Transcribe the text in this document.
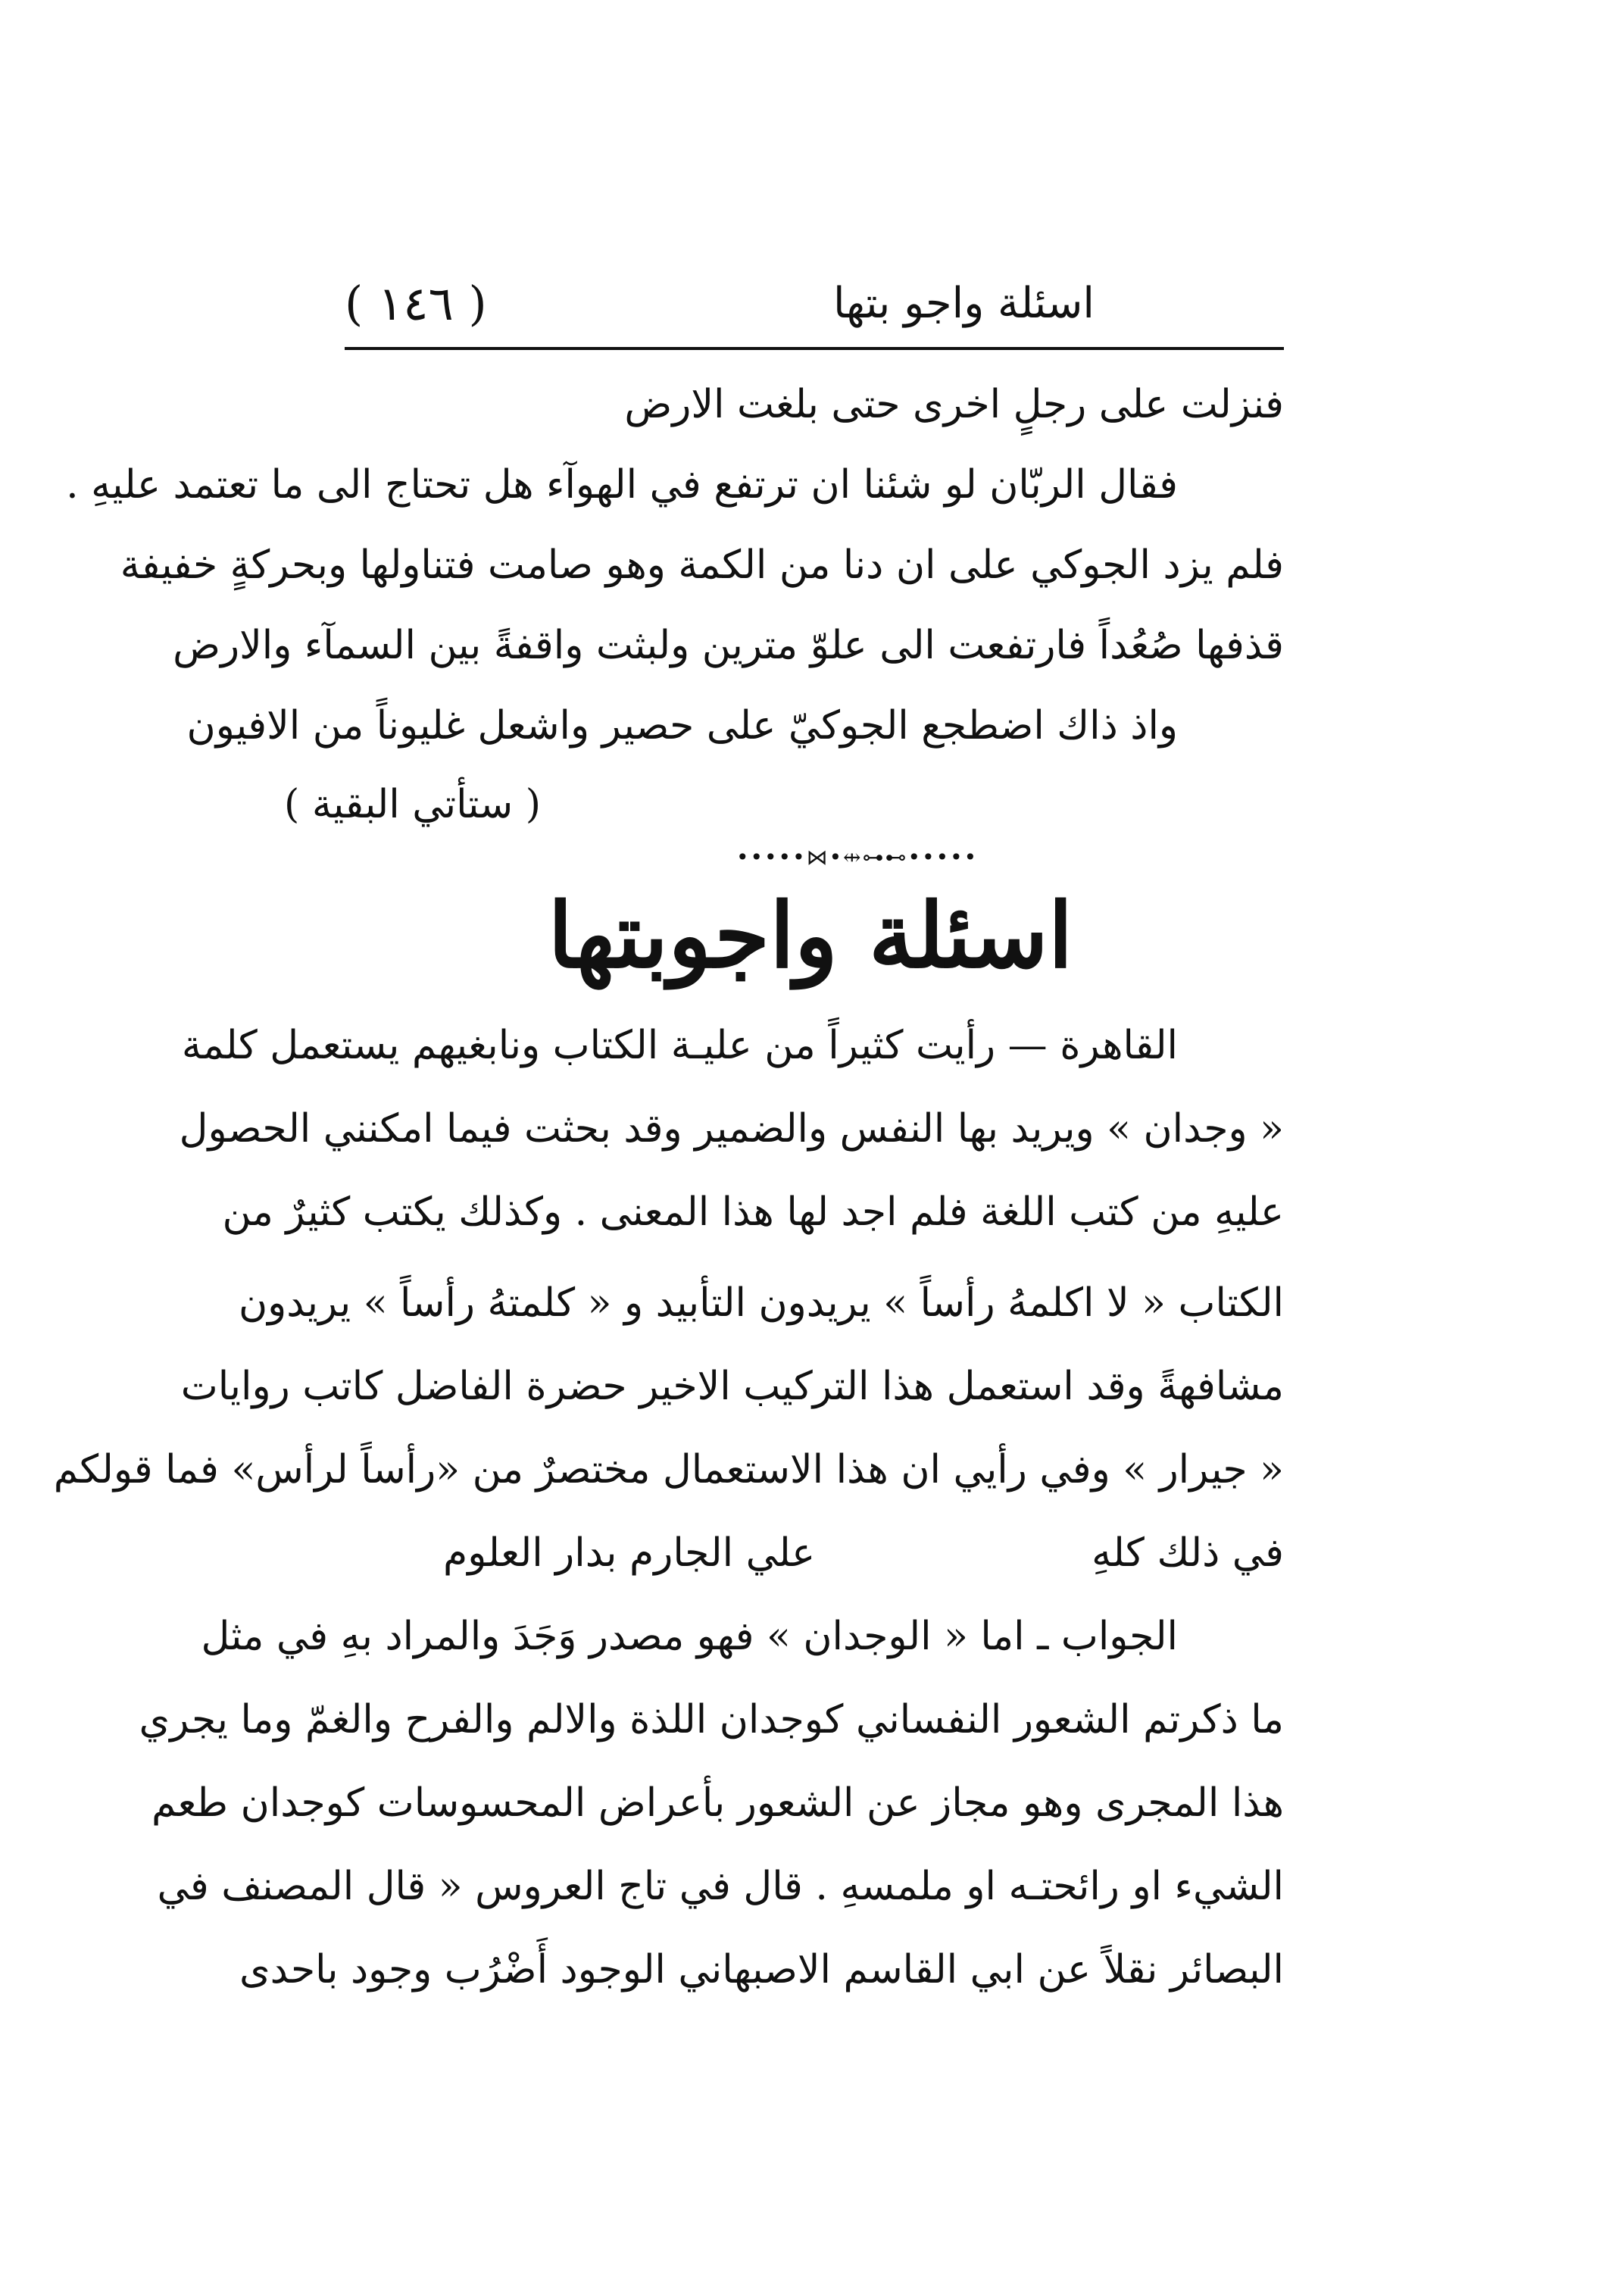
اسئلة واجو بتها
( ١٤٦ )
فنزلت على رجلٍ اخرى حتى بلغت الارض
فقال الربّان لو شئنا ان ترتفع في الهوآء هل تحتاج الى ما تعتمد عليهِ .
فلم يزد الجوكي على ان دنا من الكمة وهو صامت فتناولها وبحركةٍ خفيفة
قذفها صُعُداً فارتفعت الى علوّ مترين ولبثت واقفةً بين السمآء والارض
واذ ذاك اضطجع الجوكيّ على حصير واشعل غليوناً من الافيون
( ستأتي البقية )
•••••⋈•⇹⊶⊷•••••
اسئلة واجوبتها
القاهرة — رأيت كثيراً من عليـة الكتاب ونابغيهم يستعمل كلمة
« وجدان » ويريد بها النفس والضمير وقد بحثت فيما امكنني الحصول
عليهِ من كتب اللغة فلم اجد لها هذا المعنى . وكذلك يكتب كثيرٌ من
الكتاب « لا اكلمهُ رأساً » يريدون التأبيد و « كلمتهُ رأساً » يريدون
مشافهةً وقد استعمل هذا التركيب الاخير حضرة الفاضل كاتب روايات
« جيرار » وفي رأيي ان هذا الاستعمال مختصرٌ من «رأساً لرأس» فما قولكم
في ذلك كلهِ
علي الجارم بدار العلوم
الجواب ـ اما « الوجدان » فهو مصدر وَجَدَ والمراد بهِ في مثل
ما ذكرتم الشعور النفساني كوجدان اللذة والالم والفرح والغمّ وما يجري
هذا المجرى وهو مجاز عن الشعور بأعراض المحسوسات كوجدان طعم
الشيء او رائحتـه او ملمسهِ . قال في تاج العروس « قال المصنف في
البصائر نقلاً عن ابي القاسم الاصبهاني الوجود أَضْرُب وجود باحدى
